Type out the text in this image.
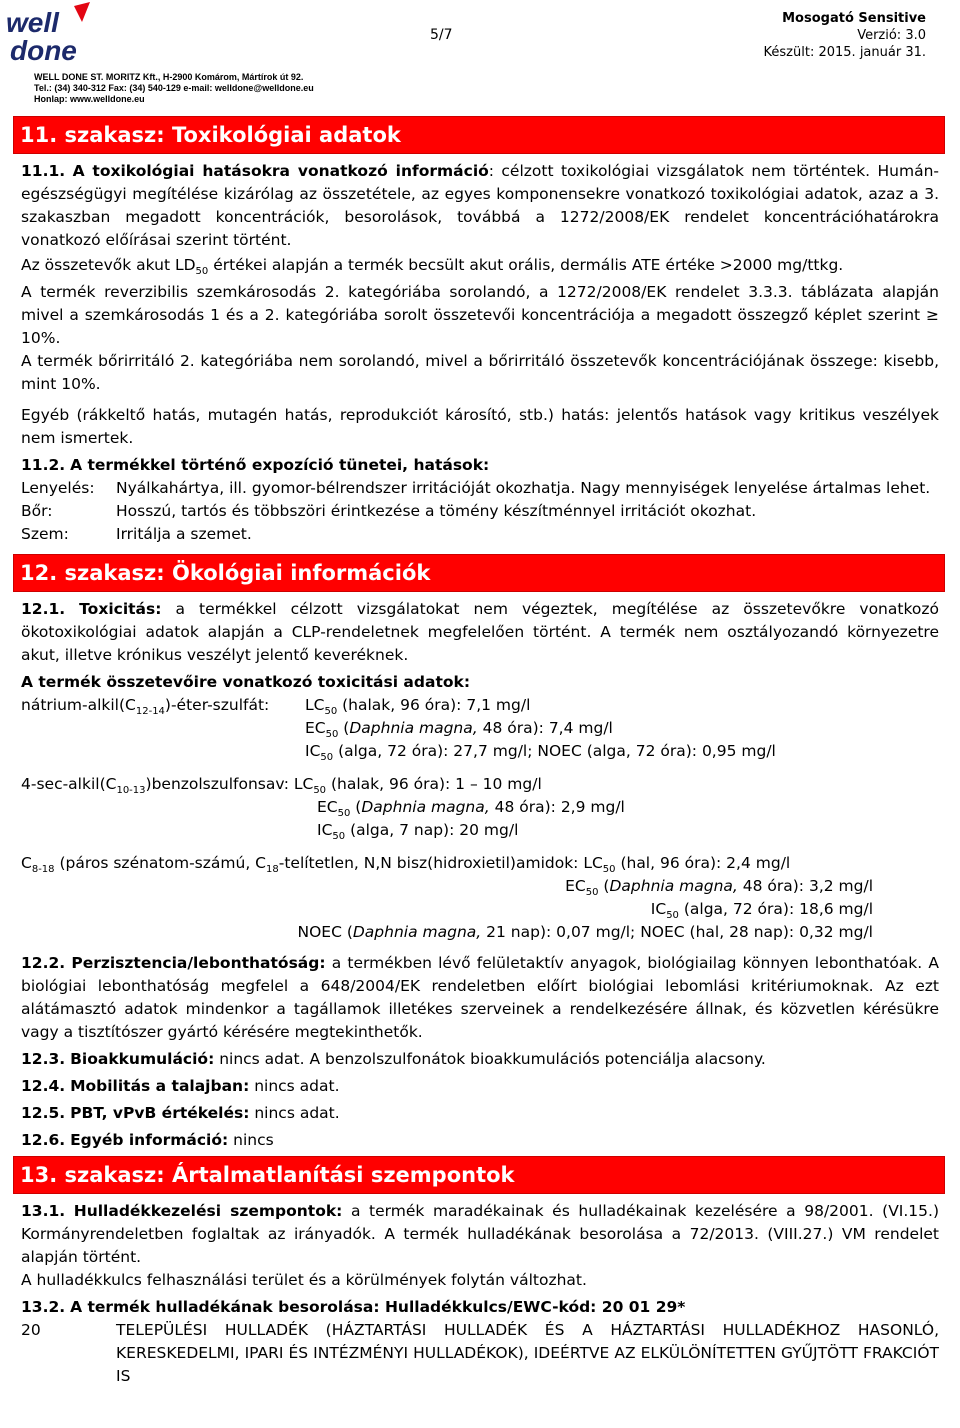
well
done
WELL DONE ST. MORITZ Kft., H-2900 Komárom, Mártírok út 92.
Tel.: (34) 340-312 Fax: (34) 540-129 e-mail: welldone@welldone.eu
Honlap: www.welldone.eu
5/7
Mosogató Sensitive
Verzió: 3.0
Készült: 2015. január 31.
11. szakasz: Toxikológiai adatok

11.1. A toxikológiai hatásokra vonatkozó információ: célzott toxikológiai vizsgálatok nem történtek. Humán-egészségügyi megítélése kizárólag az összetétele, az egyes komponensekre vonatkozó toxikológiai adatok, azaz a 3. szakaszban megadott koncentrációk, besorolások, továbbá a 1272/2008/EK rendelet koncentrációhatárokra vonatkozó előírásai szerint történt.

Az összetevők akut $LD_{50}$ értékei alapján a termék becsült akut orális, dermális ATE értéke >2000 mg/ttkg.

A termék reverzibilis szemkárosodás 2. kategóriába sorolandó, a 1272/2008/EK rendelet 3.3.3. táblázata alapján mivel a szemkárosodás 1 és a 2. kategóriába sorolt összetevői koncentrációja a megadott összegző képlet szerint ≥ 10%.

A termék bőrirritáló 2. kategóriába nem sorolandó, mivel a bőrirritáló összetevők koncentrációjának összege: kisebb, mint 10%.

Egyéb (rákkeltő hatás, mutagén hatás, reprodukciót károsító, stb.) hatás: jelentős hatások vagy kritikus veszélyek nem ismertek.

11.2. A termékkel történő expozíció tünetei, hatások:

Lenyelés:	Nyálkahártya, ill. gyomor-bélrendszer irritációját okozhatja. Nagy mennyiségek lenyelése ártalmas lehet.
Bőr:	Hosszú, tartós és többszöri érintkezése a tömény készítménnyel irritációt okozhat.
Szem:	Irritálja a szemet.
12. szakasz: Ökológiai információk

12.1. Toxicitás: a termékkel célzott vizsgálatokat nem végeztek, megítélése az összetevőkre vonatkozó ökotoxikológiai adatok alapján a CLP-rendeletnek megfelelően történt. A termék nem osztályozandó környezetre akut, illetve krónikus veszélyt jelentő keveréknek.

A termék összetevőire vonatkozó toxicitási adatok:

nátrium-$alkil(C_{12-14})-éter$-szulfát:	$LC_{50}$ (halak, 96 óra): 7,1 mg/l
$EC_{50}$ (Daphnia magna, 48 óra): 7,4 mg/l
$IC_{50}$ (alga, 72 óra): 27,7 mg/l; NOEC (alga, 72 óra): 0,95 mg/l
$4-\sec-alkil(C_{10-13})benzolszulfonsav$: $LC_{50}$ (halak, 96 óra): 1 – 10 mg/l
$EC_{50}$ (Daphnia magna, 48 óra): 2,9 mg/l
$IC_{50}$ (alga, 7 nap): 20 mg/l
$C_{8-18}$ (páros szénatom-számú, $C_{18}$-telítetlen, N,N bisz(hidroxietil)amidok: $LC_{50}$ (hal, 96 óra): 2,4 mg/l
$EC_{50}$ (Daphnia magna, 48 óra): 3,2 mg/l
$IC_{50}$ (alga, 72 óra): 18,6 mg/l
NOEC (Daphnia magna, 21 nap): 0,07 mg/l; NOEC (hal, 28 nap): 0,32 mg/l

12.2. Perzisztencia/lebonthatóság: a termékben lévő felületaktív anyagok, biológiailag könnyen lebonthatóak. A biológiai lebonthatóság megfelel a 648/2004/EK rendeletben előírt biológiai lebomlási kritériumoknak. Az ezt alátámasztó adatok mindenkor a tagállamok illetékes szerveinek a rendelkezésére állnak, és közvetlen kérésükre vagy a tisztítószer gyártó kérésére megtekinthetők.

12.3. Bioakkumuláció: nincs adat. A benzolszulfonátok bioakkumulációs potenciálja alacsony.

12.4. Mobilitás a talajban: nincs adat.

12.5. PBT, vPvB értékelés: nincs adat.

12.6. Egyéb információ: nincs

13. szakasz: Ártalmatlanítási szempontok

13.1. Hulladékkezelési szempontok: a termék maradékainak és hulladékainak kezelésére a 98/2001. (VI.15.) Kormányrendeletben foglaltak az irányadók. A termék hulladékának besorolása a 72/2013. (VIII.27.) VM rendelet alapján történt.

A hulladékkulcs felhasználási terület és a körülmények folytán változhat.

13.2. A termék hulladékának besorolása: Hulladékkulcs/EWC-kód: 20 01 29*

20	TELEPÜLÉSI HULLADÉK (HÁZTARTÁSI HULLADÉK ÉS A HÁZTARTÁSI HULLADÉKHOZ HASONLÓ, KERESKEDELMI, IPARI ÉS INTÉZMÉNYI HULLADÉKOK), IDEÉRTVE AZ ELKÜLÖNÍTETTEN GYŰJTÖTT FRAKCIÓT IS
